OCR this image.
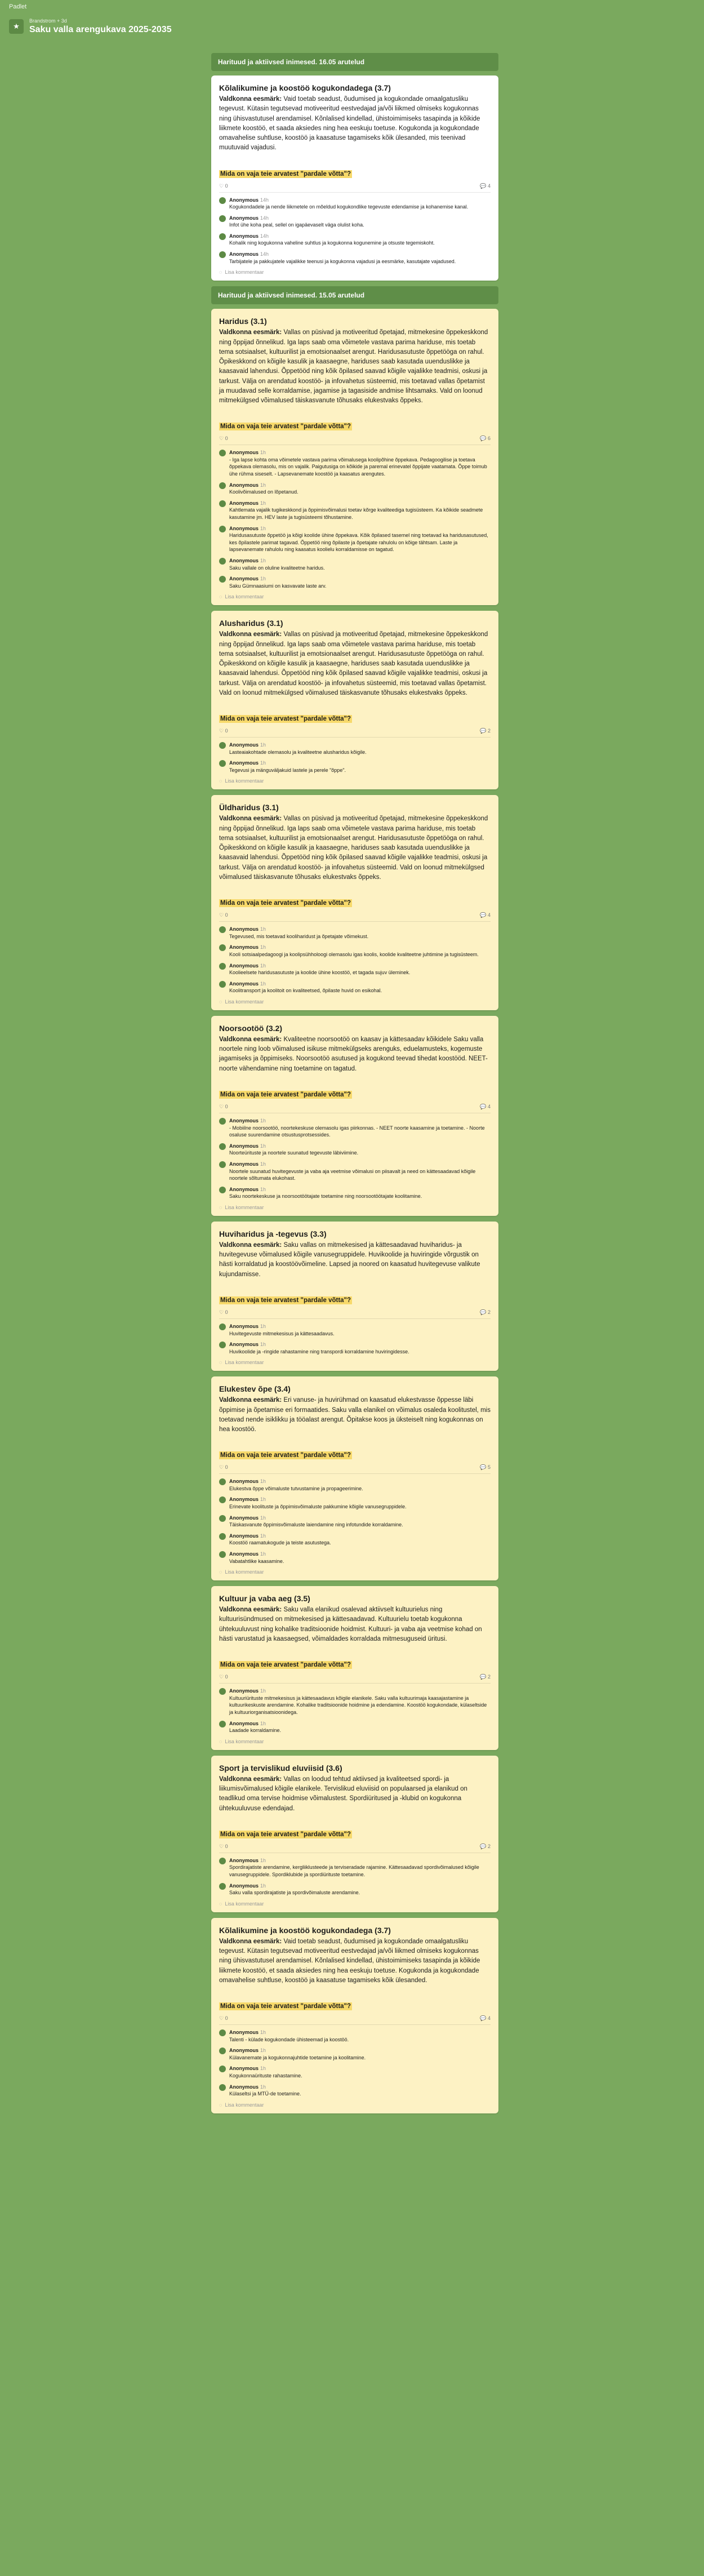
Padlet
★
Brandstrom + 3d
Saku valla arengukava 2025-2035
Harituud ja aktiivsed inimesed. 16.05 arutelud
Kõlalikumine ja koostöö kogukondadega (3.7)
Valdkonna eesmärk: Vaid toetab seadust, õudumised ja kogukondade omaalgatusliku tegevust. Kütasin tegutsevad motiveeritud eestvedajad ja/või liikmed olmiseks kogukonnas ning ühisvastutusel arendamisel. Kõnlalised kindellad, ühistoimimiseks tasapinda ja kõikide liikmete koostöö, et saada aksiedes ning hea eeskuju toetuse. Kogukonda ja kogukondade omavahelise suhtluse, koostöö ja kaasatuse tagamiseks kõik ülesanded, mis teenivad muutuvaid vajadusi.
Mida on vaja teie arvatest "pardale võtta"?
♡ 0	💬 4
Anonymous 14h
Kogukondadele ja nende liikmetele on mõeldud kogukondlike tegevuste edendamise ja kohanemise kanal.
Anonymous 14h
Infot ühe koha peal, sellel on igapäevaselt väga olulist koha.
Anonymous 14h
Kohalik ning kogukonna vaheline suhtlus ja kogukonna kogunemine ja otsuste tegemiskoht.
Anonymous 14h
Tarbijatele ja pakkujatele vajalikke teenusi ja kogukonna vajadusi ja eesmärke, kasutajate vajadused.
◌ Lisa kommentaar
Harituud ja aktiivsed inimesed. 15.05 arutelud
Haridus (3.1)
Valdkonna eesmärk: Vallas on püsivad ja motiveeritud õpetajad, mitmekesine õppekeskkond ning õppijad õnnelikud. Iga laps saab oma võimetele vastava parima hariduse, mis toetab tema sotsiaalset, kultuurilist ja emotsionaalset arengut. Haridusasutuste õppetööga on rahul. Õpikeskkond on kõigile kasulik ja kaasaegne, hariduses saab kasutada uuenduslikke ja kaasavaid lahendusi. Õppetööd ning kõik õpilased saavad kõigile vajalikke teadmisi, oskusi ja tarkust. Välja on arendatud koostöö- ja infovahetus süsteemid, mis toetavad vallas õpetamist ja muudavad selle korraldamise, jagamise ja tagasiside andmise lihtsamaks. Vald on loonud mitmekülgsed võimalused täiskasvanute tõhusaks elukestvaks õppeks.
Mida on vaja teie arvatest "pardale võtta"?
♡ 0	💬 6
Anonymous 1h
- Iga lapse kohta oma võimetele vastava parima võimalusega koolipõhine õppekava. Pedagoogilise ja toetava õppekava olemasolu, mis on vajalik. Paigutusiga on kõikide ja paremal erinevatel õppijate vaatamata. Õppe toimub ühe rühma siseselt. - Lapsevanemate koostöö ja kaasatus arengutes.
Anonymous 1h
Koolivõimalused on lõpetanud.
Anonymous 1h
Kahtlemata vajalik tugikeskkond ja õppimisvõimalusi toetav kõrge kvaliteediga tugisüsteem. Ka kõikide seadmete kasutamine jm. HEV laste ja tugisüsteemi tõhustamine.
Anonymous 1h
Haridusasutuste õppetöö ja kõigi koolide ühine õppekava. Kõik õpilased tasemel ning toetavad ka haridusasutused, kes õpilastele parimat tagavad. Õppetöö ning õpilaste ja õpetajate rahulolu on kõige tähtsam. Laste ja lapsevanemate rahulolu ning kaasatus koolielu korraldamisse on tagatud.
Anonymous 1h
Saku vallale on oluline kvaliteetne haridus.
Anonymous 1h
Saku Gümnaasiumi on kasvavate laste arv.
◌ Lisa kommentaar
Alusharidus (3.1)
Valdkonna eesmärk: Vallas on püsivad ja motiveeritud õpetajad, mitmekesine õppekeskkond ning õppijad õnnelikud. Iga laps saab oma võimetele vastava parima hariduse, mis toetab tema sotsiaalset, kultuurilist ja emotsionaalset arengut. Haridusasutuste õppetööga on rahul. Õpikeskkond on kõigile kasulik ja kaasaegne, hariduses saab kasutada uuenduslikke ja kaasavaid lahendusi. Õppetööd ning kõik õpilased saavad kõigile vajalikke teadmisi, oskusi ja tarkust. Välja on arendatud koostöö- ja infovahetus süsteemid, mis toetavad vallas õpetamist. Vald on loonud mitmekülgsed võimalused täiskasvanute tõhusaks elukestvaks õppeks.
Mida on vaja teie arvatest "pardale võtta"?
♡ 0	💬 2
Anonymous 1h
Lasteaiakohtade olemasolu ja kvaliteetne alusharidus kõigile.
Anonymous 1h
Tegevusi ja mänguväljakuid lastele ja perele "õppe".
◌ Lisa kommentaar
Üldharidus (3.1)
Valdkonna eesmärk: Vallas on püsivad ja motiveeritud õpetajad, mitmekesine õppekeskkond ning õppijad õnnelikud. Iga laps saab oma võimetele vastava parima hariduse, mis toetab tema sotsiaalset, kultuurilist ja emotsionaalset arengut. Haridusasutuste õppetööga on rahul. Õpikeskkond on kõigile kasulik ja kaasaegne, hariduses saab kasutada uuenduslikke ja kaasavaid lahendusi. Õppetööd ning kõik õpilased saavad kõigile vajalikke teadmisi, oskusi ja tarkust. Välja on arendatud koostöö- ja infovahetus süsteemid. Vald on loonud mitmekülgsed võimalused täiskasvanute tõhusaks elukestvaks õppeks.
Mida on vaja teie arvatest "pardale võtta"?
♡ 0	💬 4
Anonymous 1h
Tegevused, mis toetavad kooliharidust ja õpetajate võimekust.
Anonymous 1h
Kooli sotsiaalpedagoogi ja koolipsühholoogi olemasolu igas koolis, koolide kvaliteetne juhtimine ja tugisüsteem.
Anonymous 1h
Koolieelsete haridusasutuste ja koolide ühine koostöö, et tagada sujuv üleminek.
Anonymous 1h
Koolitransport ja koolitoit on kvaliteetsed, õpilaste huvid on esikohal.
◌ Lisa kommentaar
Noorsootöö (3.2)
Valdkonna eesmärk: Kvaliteetne noorsootöö on kaasav ja kättesaadav kõikidele Saku valla noortele ning loob võimalused isikuse mitmekülgseks arenguks, eduelamusteks, kogemuste jagamiseks ja õppimiseks. Noorsootöö asutused ja kogukond teevad tihedat koostööd. NEET-noorte vähendamine ning toetamine on tagatud.
Mida on vaja teie arvatest "pardale võtta"?
♡ 0	💬 4
Anonymous 1h
- Mobiilne noorsootöö, noortekeskuse olemasolu igas piirkonnas. - NEET noorte kaasamine ja toetamine. - Noorte osaluse suurendamine otsustusprotsessides.
Anonymous 1h
Noorteürituste ja noortele suunatud tegevuste läbiviimine.
Anonymous 1h
Noortele suunatud huvitegevuste ja vaba aja veetmise võimalusi on piisavalt ja need on kättesaadavad kõigile noortele sõltumata elukohast.
Anonymous 1h
Saku noortekeskuse ja noorsootöötajate toetamine ning noorsootöötajate koolitamine.
◌ Lisa kommentaar
Huviharidus ja -tegevus (3.3)
Valdkonna eesmärk: Saku vallas on mitmekesised ja kättesaadavad huviharidus- ja huvitegevuse võimalused kõigile vanusegruppidele. Huvikoolide ja huviringide võrgustik on hästi korraldatud ja koostöövõimeline. Lapsed ja noored on kaasatud huvitegevuse valikute kujundamisse.
Mida on vaja teie arvatest "pardale võtta"?
♡ 0	💬 2
Anonymous 1h
Huvitegevuste mitmekesisus ja kättesaadavus.
Anonymous 1h
Huvikoolide ja -ringide rahastamine ning transpordi korraldamine huviringidesse.
◌ Lisa kommentaar
Elukestev õpe (3.4)
Valdkonna eesmärk: Eri vanuse- ja huvirühmad on kaasatud elukestvasse õppesse läbi õppimise ja õpetamise eri formaatides. Saku valla elanikel on võimalus osaleda koolitustel, mis toetavad nende isiklikku ja tööalast arengut. Õpitakse koos ja üksteiselt ning kogukonnas on hea koostöö.
Mida on vaja teie arvatest "pardale võtta"?
♡ 0	💬 5
Anonymous 1h
Elukestva õppe võimaluste tutvustamine ja propageerimine.
Anonymous 1h
Erinevate koolituste ja õppimisvõimaluste pakkumine kõigile vanusegruppidele.
Anonymous 1h
Täiskasvanute õppimisvõimaluste laiendamine ning infotundide korraldamine.
Anonymous 1h
Koostöö raamatukogude ja teiste asutustega.
Anonymous 1h
Vabatahtlike kaasamine.
◌ Lisa kommentaar
Kultuur ja vaba aeg (3.5)
Valdkonna eesmärk: Saku valla elanikud osalevad aktiivselt kultuurielus ning kultuurisündmused on mitmekesised ja kättesaadavad. Kultuurielu toetab kogukonna ühtekuuluvust ning kohalike traditsioonide hoidmist. Kultuuri- ja vaba aja veetmise kohad on hästi varustatud ja kaasaegsed, võimaldades korraldada mitmesuguseid üritusi.
Mida on vaja teie arvatest "pardale võtta"?
♡ 0	💬 2
Anonymous 1h
Kultuuriürituste mitmekesisus ja kättesaadavus kõigile elanikele. Saku valla kultuurimaja kaasajastamine ja kultuurikeskuste arendamine. Kohalike traditsioonide hoidmine ja edendamine. Koostöö kogukondade, külaseltside ja kultuuriorganisatsioonidega.
Anonymous 1h
Laadade korraldamine.
◌ Lisa kommentaar
Sport ja tervislikud eluviisid (3.6)
Valdkonna eesmärk: Vallas on loodud tehtud aktiivsed ja kvaliteetsed spordi- ja liikumisvõimalused kõigile elanikele. Tervislikud eluviisid on populaarsed ja elanikud on teadlikud oma tervise hoidmise võimalustest. Spordiüritused ja -klubid on kogukonna ühtekuuluvuse edendajad.
Mida on vaja teie arvatest "pardale võtta"?
♡ 0	💬 2
Anonymous 1h
Spordirajatiste arendamine, kergliiklusteede ja terviseradade rajamine. Kättesaadavad spordivõimalused kõigile vanusegruppidele. Spordiklubide ja spordiürituste toetamine.
Anonymous 1h
Saku valla spordirajatiste ja spordivõimaluste arendamine.
◌ Lisa kommentaar
Kõlalikumine ja koostöö kogukondadega (3.7)
Valdkonna eesmärk: Vaid toetab seadust, õudumised ja kogukondade omaalgatusliku tegevust. Kütasin tegutsevad motiveeritud eestvedajad ja/või liikmed olmiseks kogukonnas ning ühisvastutusel arendamisel. Kõnlalised kindellad, ühistoimimiseks tasapinda ja kõikide liikmete koostöö, et saada aksiedes ning hea eeskuju toetuse. Kogukonda ja kogukondade omavahelise suhtluse, koostöö ja kaasatuse tagamiseks kõik ülesanded.
Mida on vaja teie arvatest "pardale võtta"?
♡ 0	💬 4
Anonymous 1h
Talenti - külade kogukondade ühisteemad ja koostöö.
Anonymous 1h
Külavanemate ja kogukonnajuhtide toetamine ja koolitamine.
Anonymous 1h
Kogukonnaürituste rahastamine.
Anonymous 1h
Külaseltsi ja MTÜ-de toetamine.
◌ Lisa kommentaar
